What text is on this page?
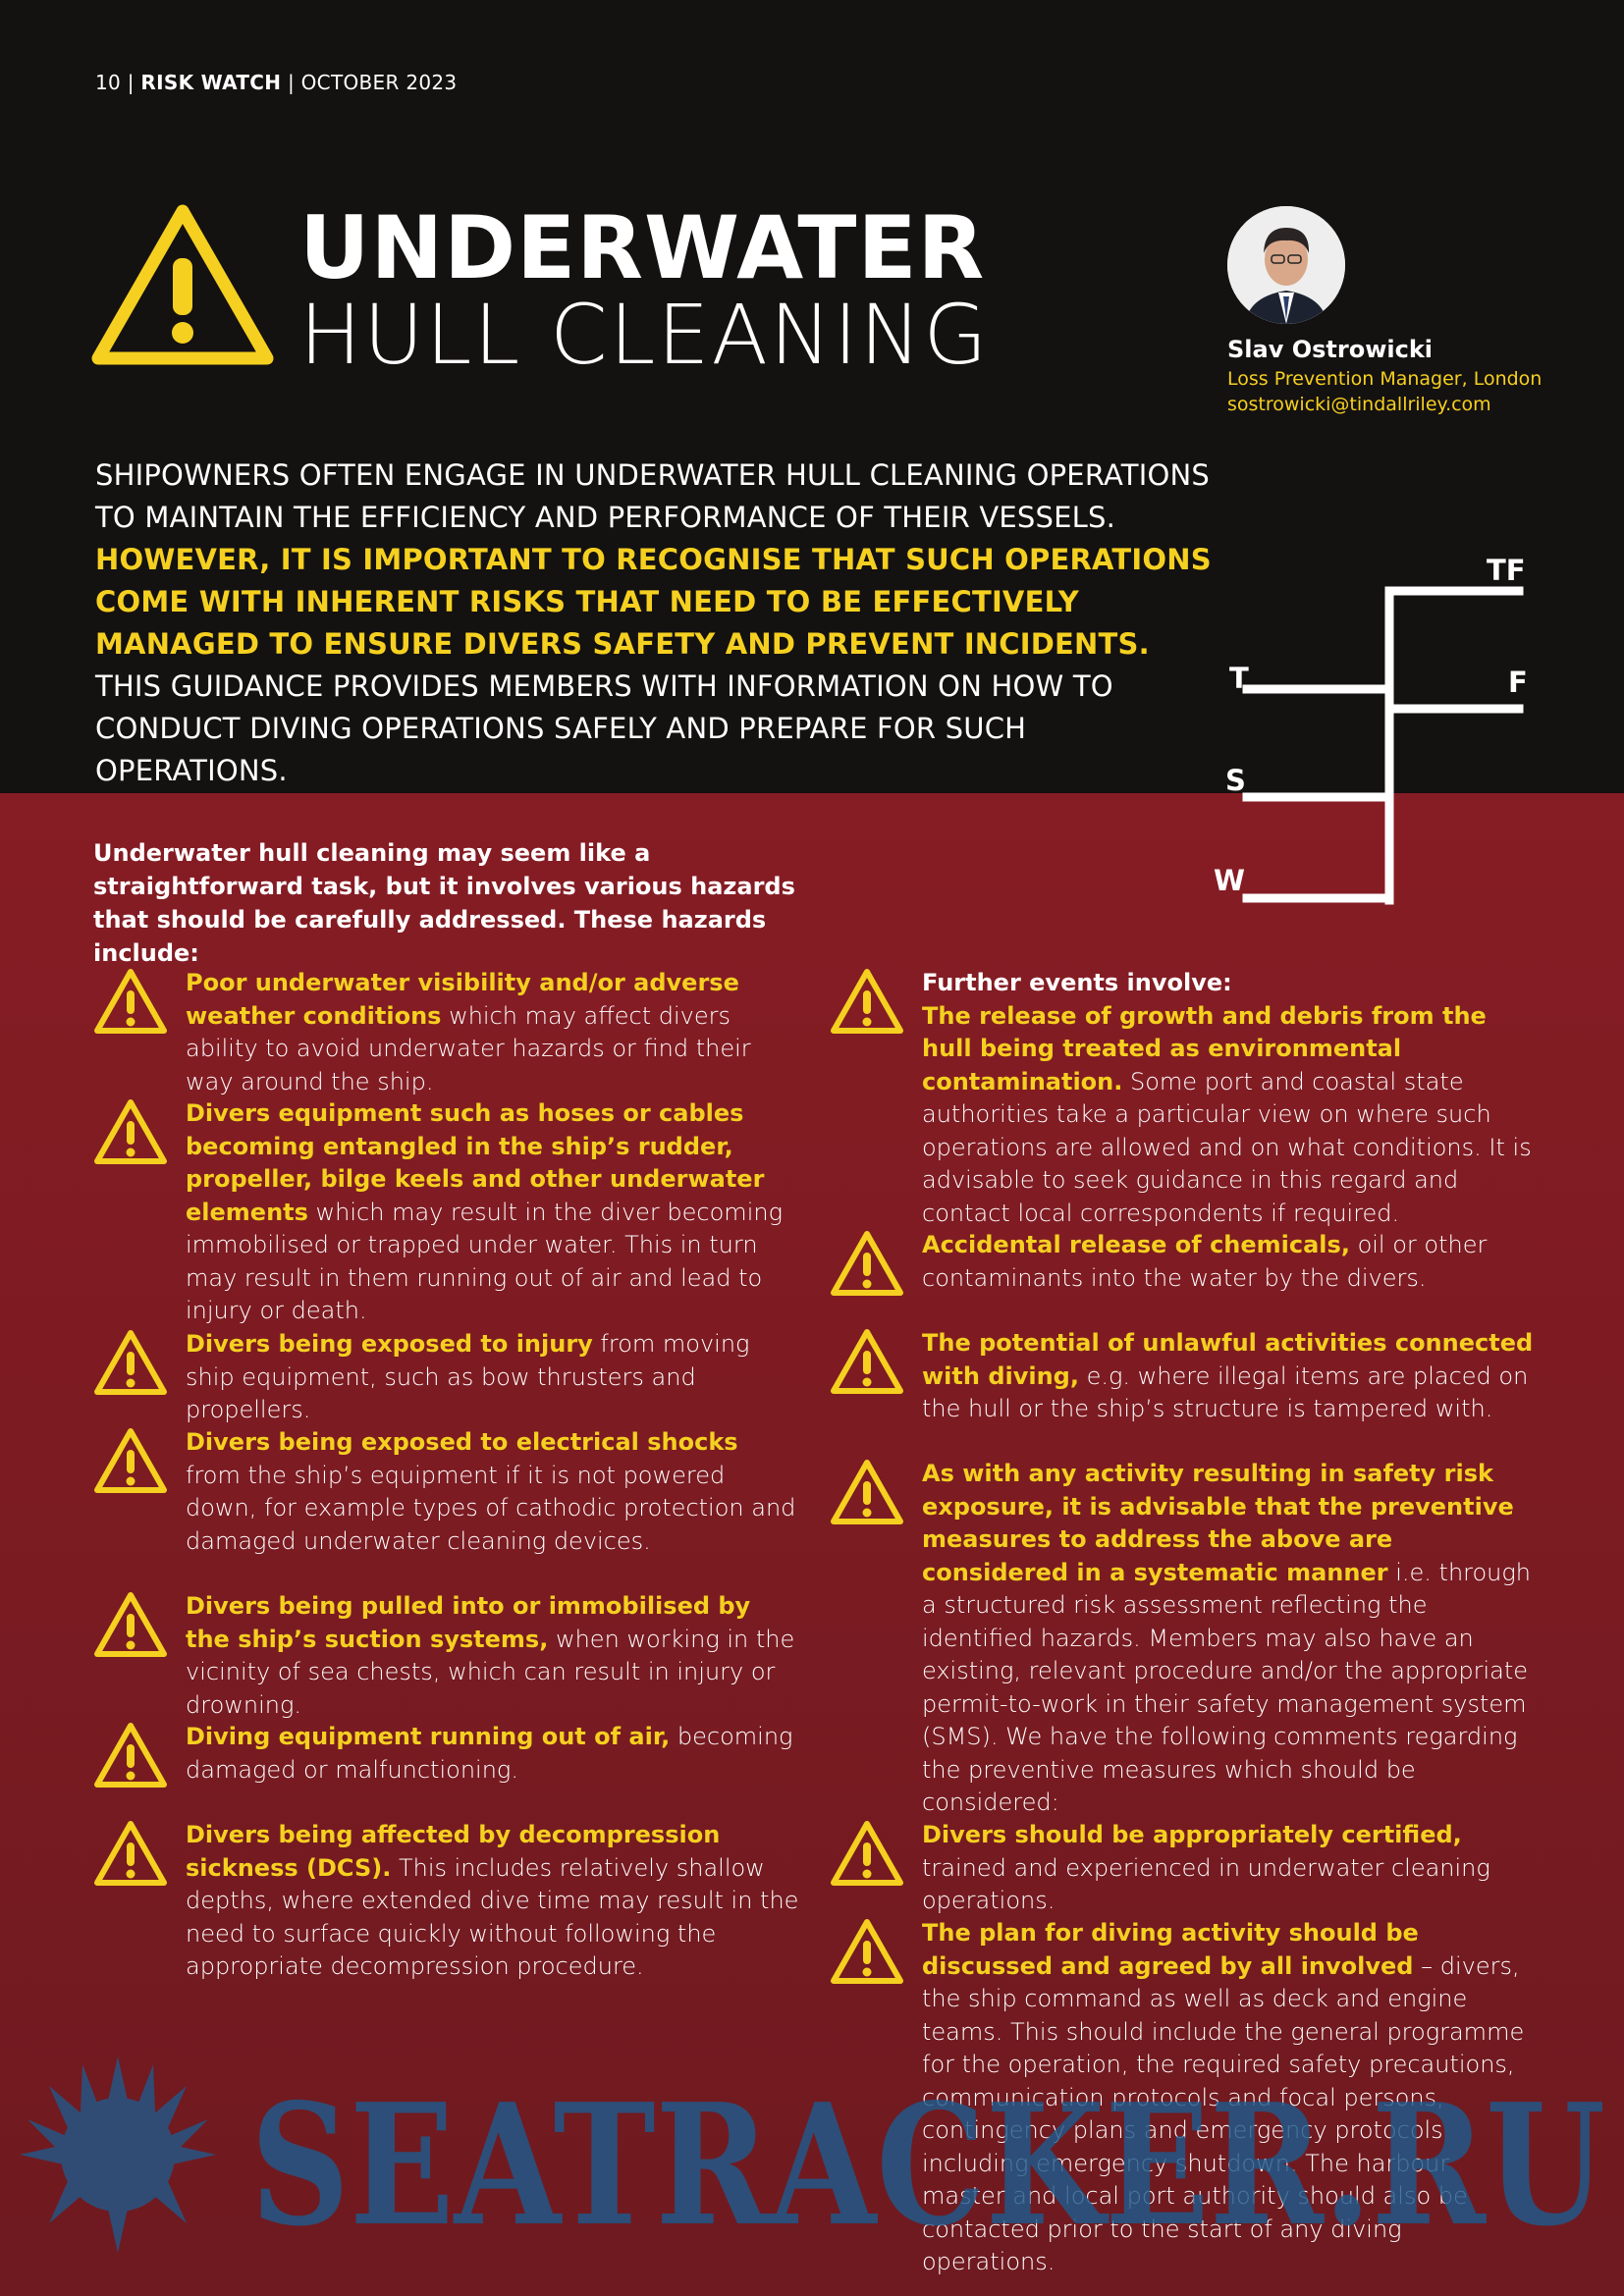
10 | RISK WATCH | OCTOBER 2023
UNDERWATER
HULL CLEANING	Slav Ostrowicki
Loss Prevention Manager, London
sostrowicki@tindallriley.com
SHIPOWNERS OFTEN ENGAGE IN UNDERWATER HULL CLEANING OPERATIONS TO MAINTAIN THE EFFICIENCY AND PERFORMANCE OF THEIR VESSELS. HOWEVER, IT IS IMPORTANT TO RECOGNISE THAT SUCH OPERATIONS COME WITH INHERENT RISKS THAT NEED TO BE EFFECTIVELY MANAGED TO ENSURE DIVERS SAFETY AND PREVENT INCIDENTS. THIS GUIDANCE PROVIDES MEMBERS WITH INFORMATION ON HOW TO CONDUCT DIVING OPERATIONS SAFELY AND PREPARE FOR SUCH OPERATIONS.
TF
T	F
S
W
Underwater hull cleaning may seem like a straightforward task, but it involves various hazards that should be carefully addressed. These hazards include:
Poor underwater visibility and/or adverse weather conditions which may affect divers ability to avoid underwater hazards or find their way around the ship.
Divers equipment such as hoses or cables becoming entangled in the ship’s rudder, propeller, bilge keels and other underwater elements which may result in the diver becoming immobilised or trapped under water. This in turn may result in them running out of air and lead to injury or death.
Divers being exposed to injury from moving ship equipment, such as bow thrusters and propellers.
Divers being exposed to electrical shocks from the ship’s equipment if it is not powered down, for example types of cathodic protection and damaged underwater cleaning devices.
Divers being pulled into or immobilised by the ship’s suction systems, when working in the vicinity of sea chests, which can result in injury or drowning.
Diving equipment running out of air, becoming damaged or malfunctioning.
Divers being affected by decompression sickness (DCS). This includes relatively shallow depths, where extended dive time may result in the need to surface quickly without following the appropriate decompression procedure.
Further events involve:
The release of growth and debris from the hull being treated as environmental contamination. Some port and coastal state authorities take a particular view on where such operations are allowed and on what conditions. It is advisable to seek guidance in this regard and contact local correspondents if required.
Accidental release of chemicals, oil or other contaminants into the water by the divers.
The potential of unlawful activities connected with diving, e.g. where illegal items are placed on the hull or the ship’s structure is tampered with.
As with any activity resulting in safety risk exposure, it is advisable that the preventive measures to address the above are considered in a systematic manner i.e. through a structured risk assessment reflecting the identified hazards. Members may also have an existing, relevant procedure and/or the appropriate permit-to-work in their safety management system (SMS). We have the following comments regarding the preventive measures which should be considered:
Divers should be appropriately certified, trained and experienced in underwater cleaning operations.
The plan for diving activity should be discussed and agreed by all involved – divers, the ship command as well as deck and engine teams. This should include the general programme for the operation, the required safety precautions, communication protocols and focal persons, contingency plans and emergency protocols including emergency shutdown. The harbour master and local port authority should also be contacted prior to the start of any diving operations.
SEATRACKER.RU
